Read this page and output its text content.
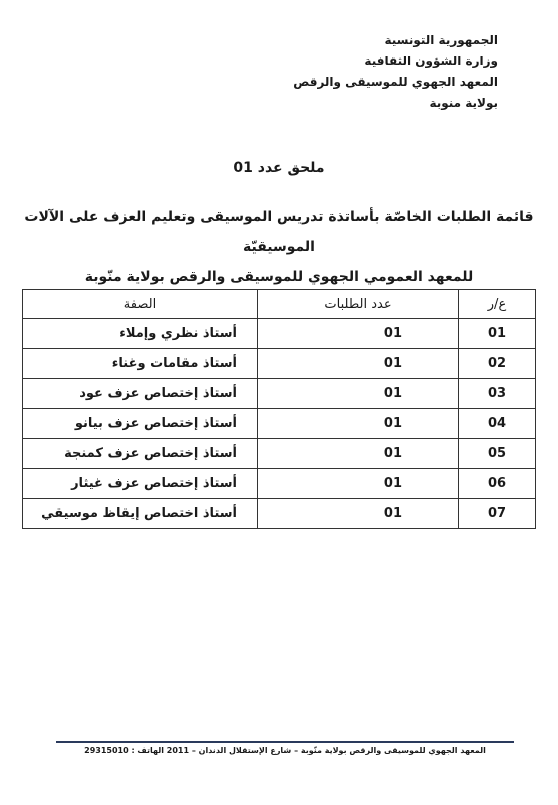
الجمهورية التونسية
وزارة الشؤون الثقافية
المعهد الجهوي للموسيقى والرقص
بولاية منوبة
ملحق عدد 01
قائمة الطلبات الخاصّة بأساتذة تدريس الموسيقى وتعليم العزف على الآلات الموسيقيّة
للمعهد العمومي الجهوي للموسيقى والرقص بولاية منّوبة
ع/ر	عدد الطلبات	الصفة
01	01	أستاذ نظري وإملاء
02	01	أستاذ مقامات وغناء
03	01	أستاذ إختصاص عزف عود
04	01	أستاذ إختصاص عزف بيانو
05	01	أستاذ إختصاص عزف كمنجة
06	01	أستاذ إختصاص عزف غيثار
07	01	أستاذ اختصاص إيقاظ موسيقي
المعهد الجهوي للموسيقى والرقص بولاية منّوبة – شارع الإستقلال الدندان – 2011 الهاتف : 29315010
